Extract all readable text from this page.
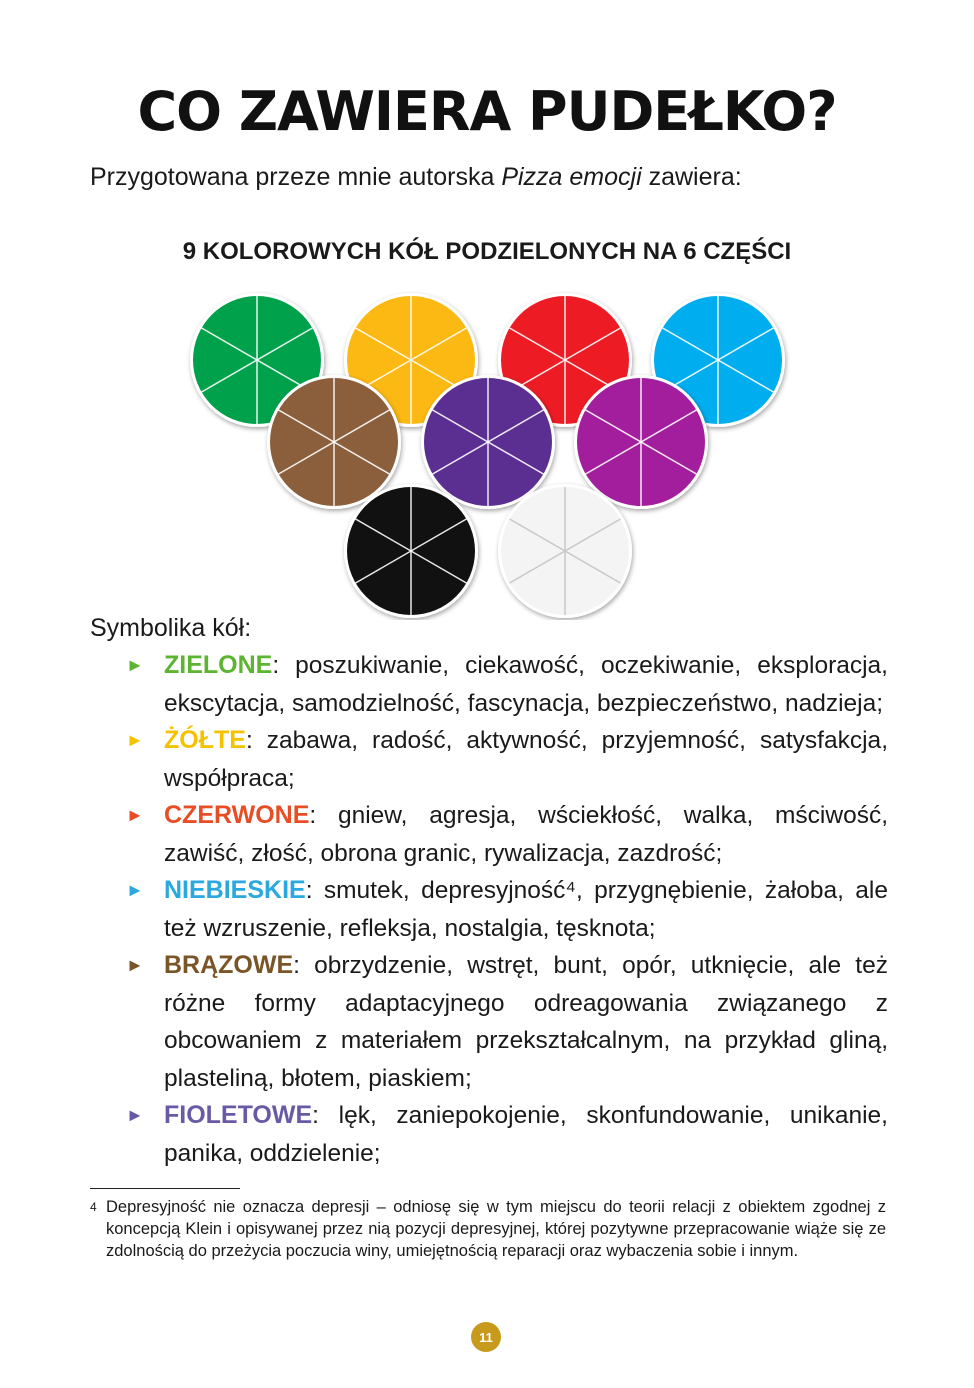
CO ZAWIERA PUDEŁKO?

Przygotowana przeze mnie autorska Pizza emocji zawiera:

9 KOLOROWYCH KÓŁ PODZIELONYCH NA 6 CZĘŚCI

Symbolika kół:

► ZIELONE: poszukiwanie, ciekawość, oczekiwanie, eksploracja, ekscytacja, samodzielność, fascynacja, bezpieczeństwo, nadzieja;
► ŻÓŁTE: zabawa, radość, aktywność, przyjemność, satysfakcja, współpraca;
► CZERWONE: gniew, agresja, wściekłość, walka, mściwość, zawiść, złość, obrona granic, rywalizacja, zazdrość;
► NIEBIESKIE: smutek, depresyjność⁴, przygnębienie, żałoba, ale też wzruszenie, refleksja, nostalgia, tęsknota;
► BRĄZOWE: obrzydzenie, wstręt, bunt, opór, utknięcie, ale też różne formy adaptacyjnego odreagowania związanego z obcowaniem z materiałem przekształcalnym, na przykład gliną, plasteliną, błotem, piaskiem;
► FIOLETOWE: lęk, zaniepokojenie, skonfundowanie, unikanie, panika, oddzielenie;
4 Depresyjność nie oznacza depresji – odniosę się w tym miejscu do teorii relacji z obiektem zgodnej z koncepcją Klein i opisywanej przez nią pozycji depresyjnej, której pozytywne przepracowanie wiąże się ze zdolnością do przeżycia poczucia winy, umiejętnością reparacji oraz wybaczenia sobie i innym.
11
